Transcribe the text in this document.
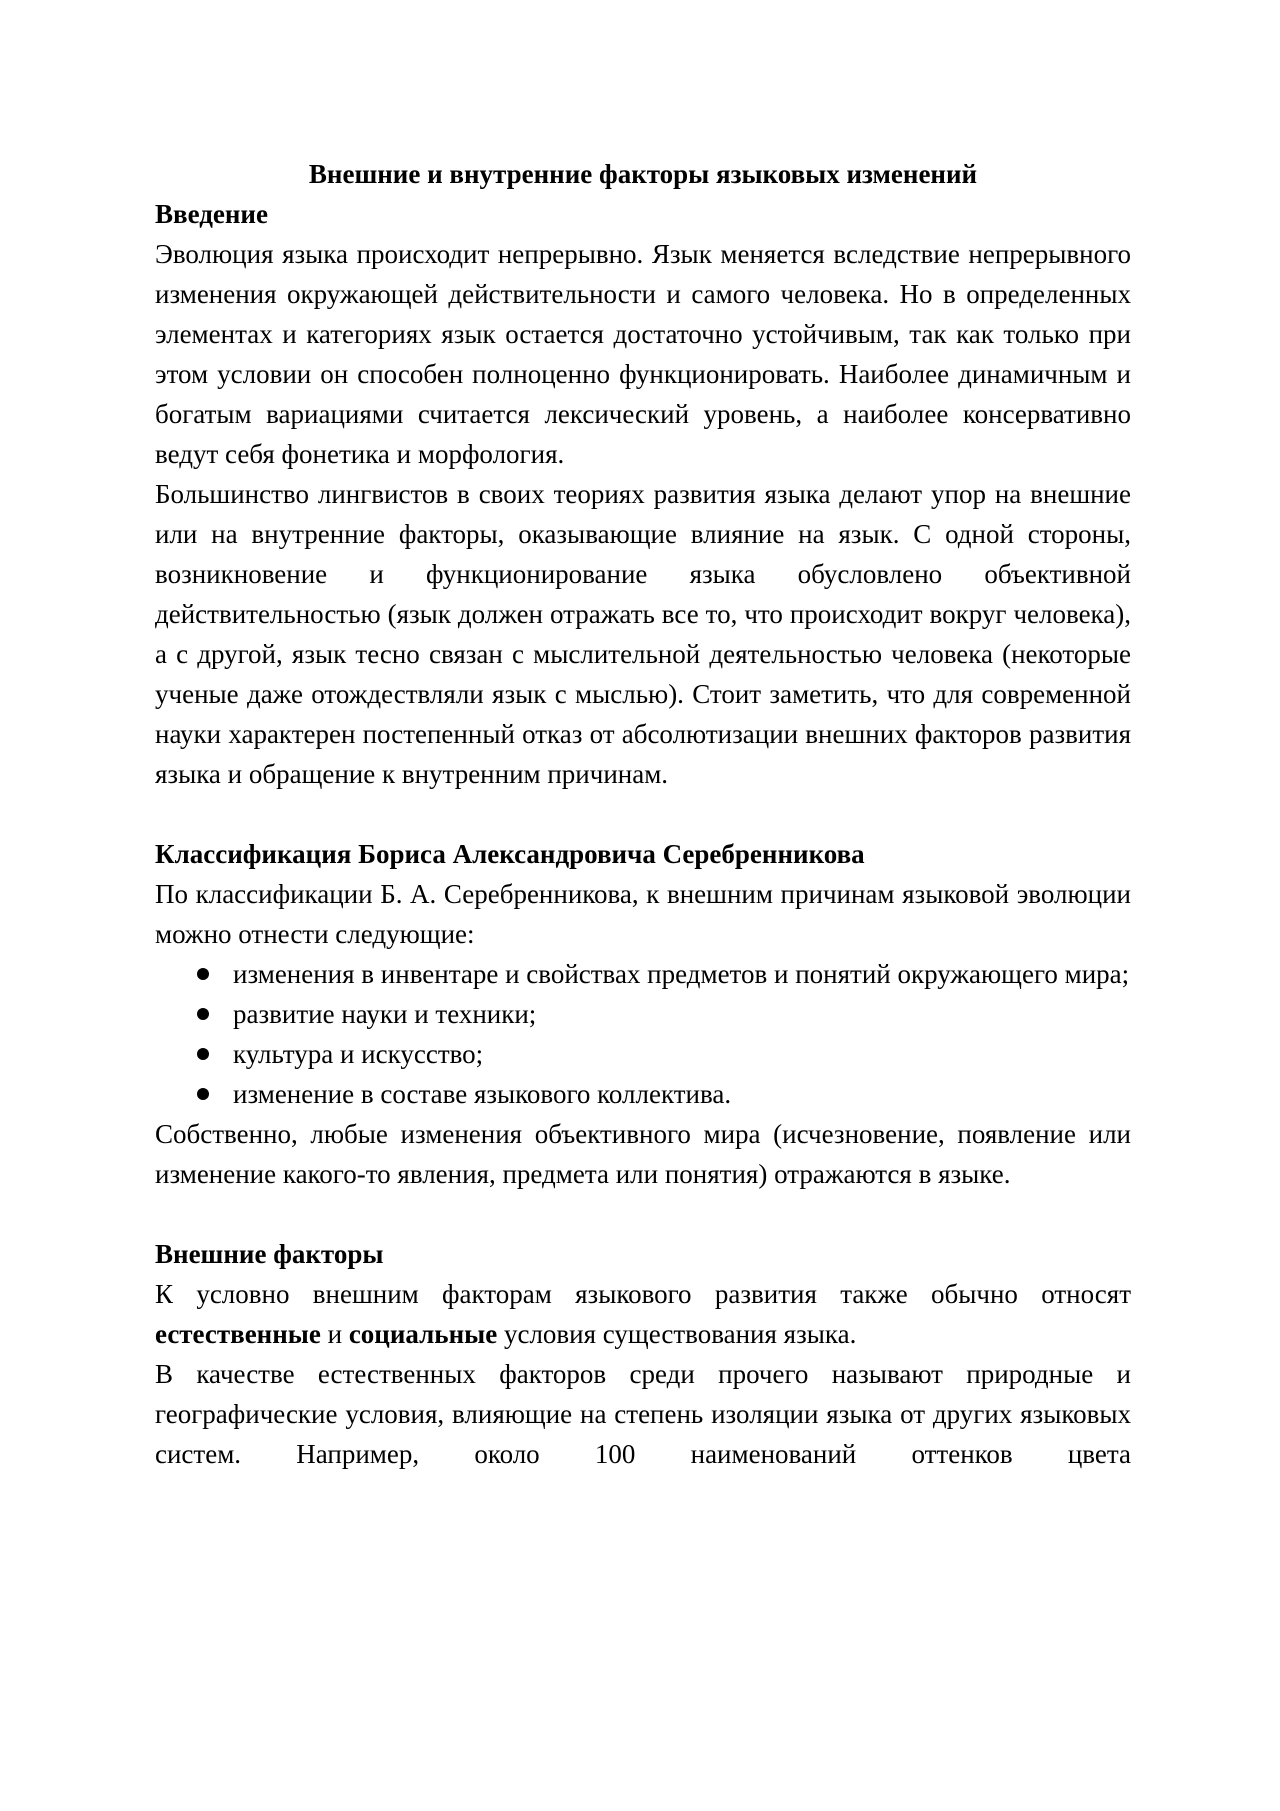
Внешние и внутренние факторы языковых изменений
Введение

Эволюция языка происходит непрерывно. Язык меняется вследствие непрерывного изменения окружающей действительности и самого человека. Но в определенных элементах и категориях язык остается достаточно устойчивым, так как только при этом условии он способен полноценно функционировать. Наиболее динамичным и богатым вариациями считается лексический уровень, а наиболее консервативно ведут себя фонетика и морфология.

Большинство лингвистов в своих теориях развития языка делают упор на внешние или на внутренние факторы, оказывающие влияние на язык. С одной стороны, возникновение и функционирование языка обусловлено объективной действительностью (язык должен отражать все то, что происходит вокруг человека), а с другой, язык тесно связан с мыслительной деятельностью человека (некоторые ученые даже отождествляли язык с мыслью). Стоит заметить, что для современной науки характерен постепенный отказ от абсолютизации внешних факторов развития языка и обращение к внутренним причинам.

Классификация Бориса Александровича Серебренникова

По классификации Б. А. Серебренникова, к внешним причинам языковой эволюции можно отнести следующие:

изменения в инвентаре и свойствах предметов и понятий окружающего мира;
развитие науки и техники;
культура и искусство;
изменение в составе языкового коллектива.

Собственно, любые изменения объективного мира (исчезновение, появление или изменение какого-то явления, предмета или понятия) отражаются в языке.

Внешние факторы

К условно внешним факторам языкового развития также обычно относят естественные и социальные условия существования языка.

В качестве естественных факторов среди прочего называют природные и географические условия, влияющие на степень изоляции языка от других языковых систем. Например, около 100 наименований оттенков цвета
